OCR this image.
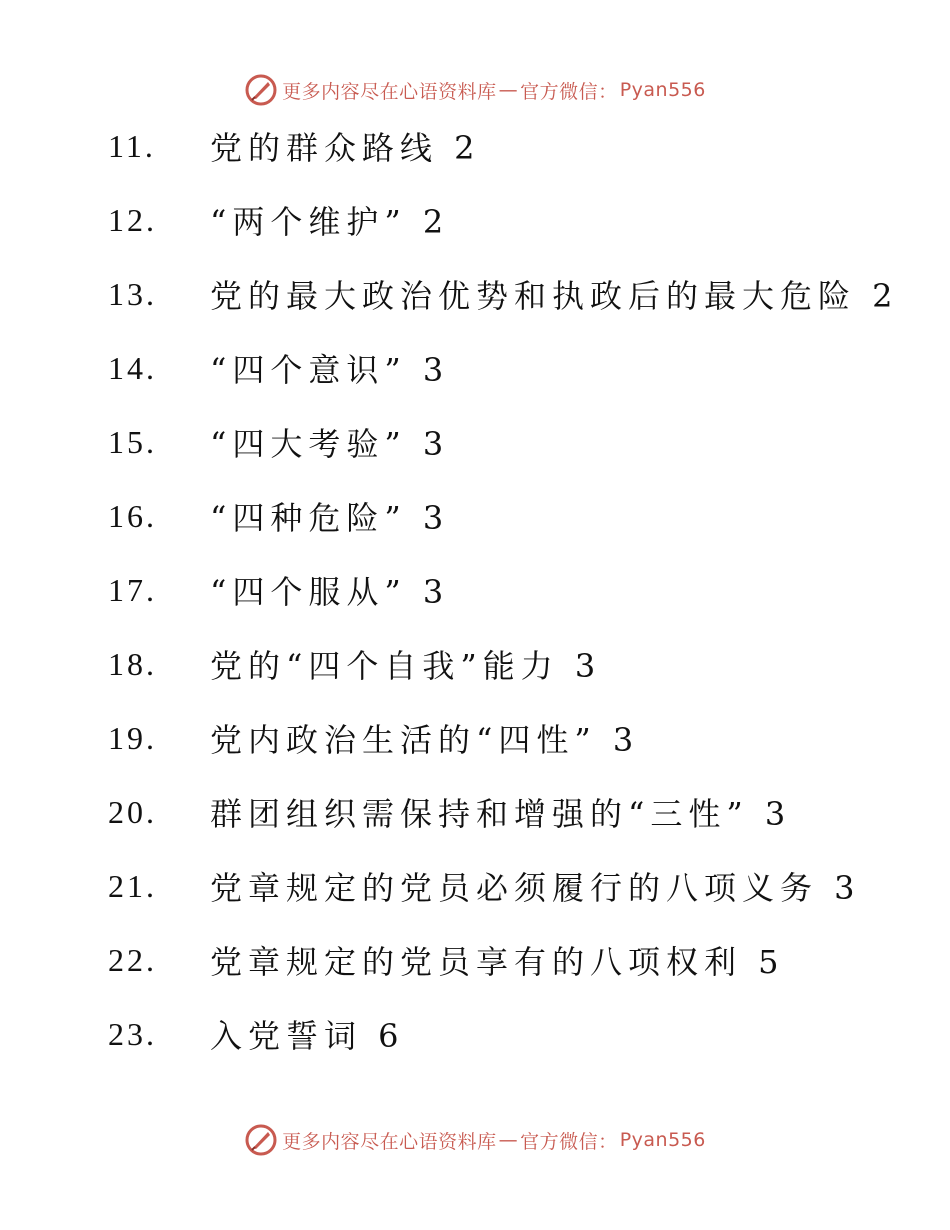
更多内容尽在心语资料库 — 官方微信： Pyan556
11. 党的群众路线 2
12. “两个维护” 2
13. 党的最大政治优势和执政后的最大危险 2
14. “四个意识” 3
15. “四大考验” 3
16. “四种危险” 3
17. “四个服从” 3
18. 党的“四个自我”能力 3
19. 党内政治生活的“四性” 3
20. 群团组织需保持和增强的“三性” 3
21. 党章规定的党员必须履行的八项义务 3
22. 党章规定的党员享有的八项权利 5
23. 入党誓词 6
更多内容尽在心语资料库 — 官方微信： Pyan556
